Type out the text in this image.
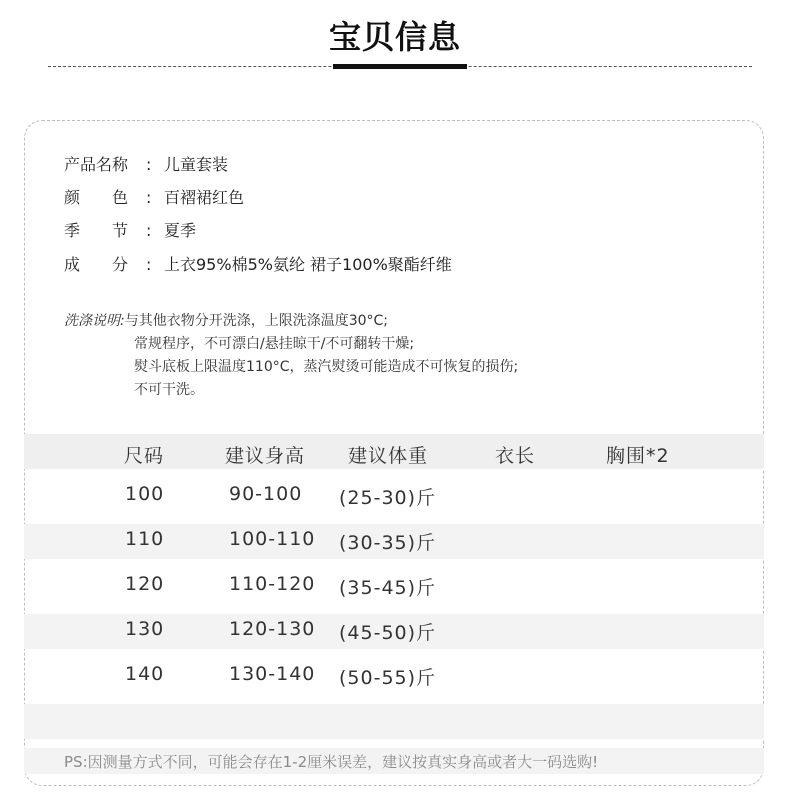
宝贝信息
产品名称 : 儿童套装
颜　　色 : 百褶裙红色
季　　节 : 夏季
成　　分 : 上衣95%棉5%氨纶 裙子100%聚酯纤维
洗涤说明:与其他衣物分开洗涤，上限洗涤温度30°C;
常规程序，不可漂白/悬挂晾干/不可翻转干燥;
熨斗底板上限温度110°C，蒸汽熨烫可能造成不可恢复的损伤;
不可干洗。
尺码	建议身高 建议体重	衣长	胸围*2
100	90-100 (25-30)斤
110	100-110 (30-35)斤
120	110-120 (35-45)斤
130	120-130 (45-50)斤
140	130-140 (50-55)斤
PS:因测量方式不同，可能会存在1-2厘米误差，建议按真实身高或者大一码选购!
